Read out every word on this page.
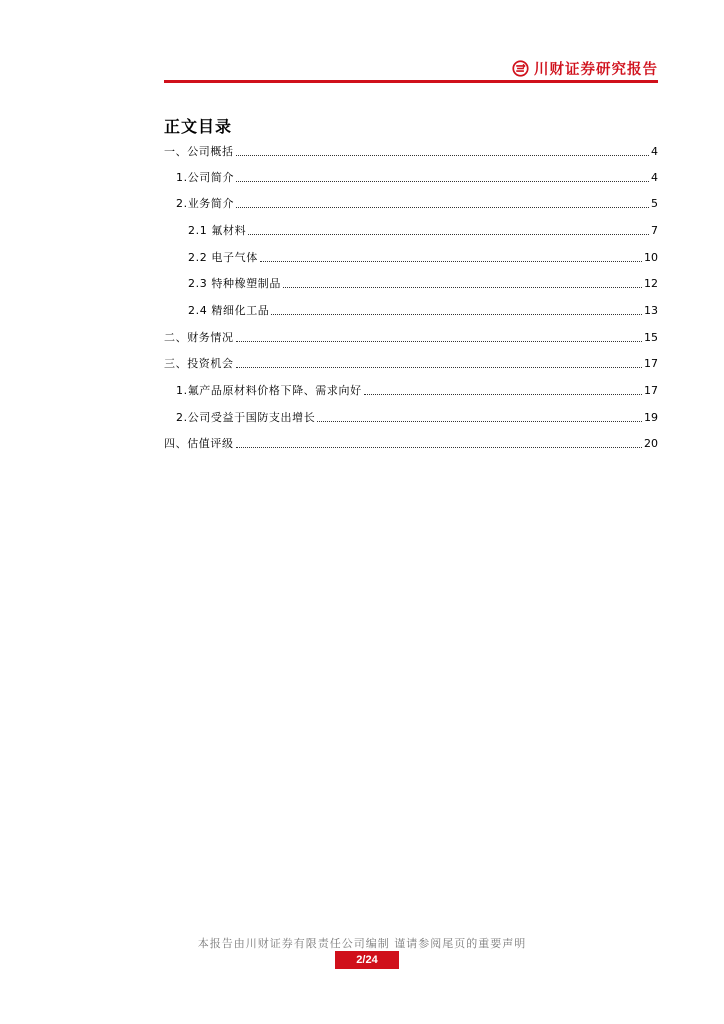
川财证券研究报告
正文目录
一、公司概括	4
1.公司简介	4
2.业务简介	5
2.1 氟材料	7
2.2 电子气体	10
2.3 特种橡塑制品	12
2.4 精细化工品	13
二、财务情况	15
三、投资机会	17
1.氟产品原材料价格下降、需求向好	17
2.公司受益于国防支出增长	19
四、估值评级	20
本报告由川财证券有限责任公司编制 谨请参阅尾页的重要声明
2/24
